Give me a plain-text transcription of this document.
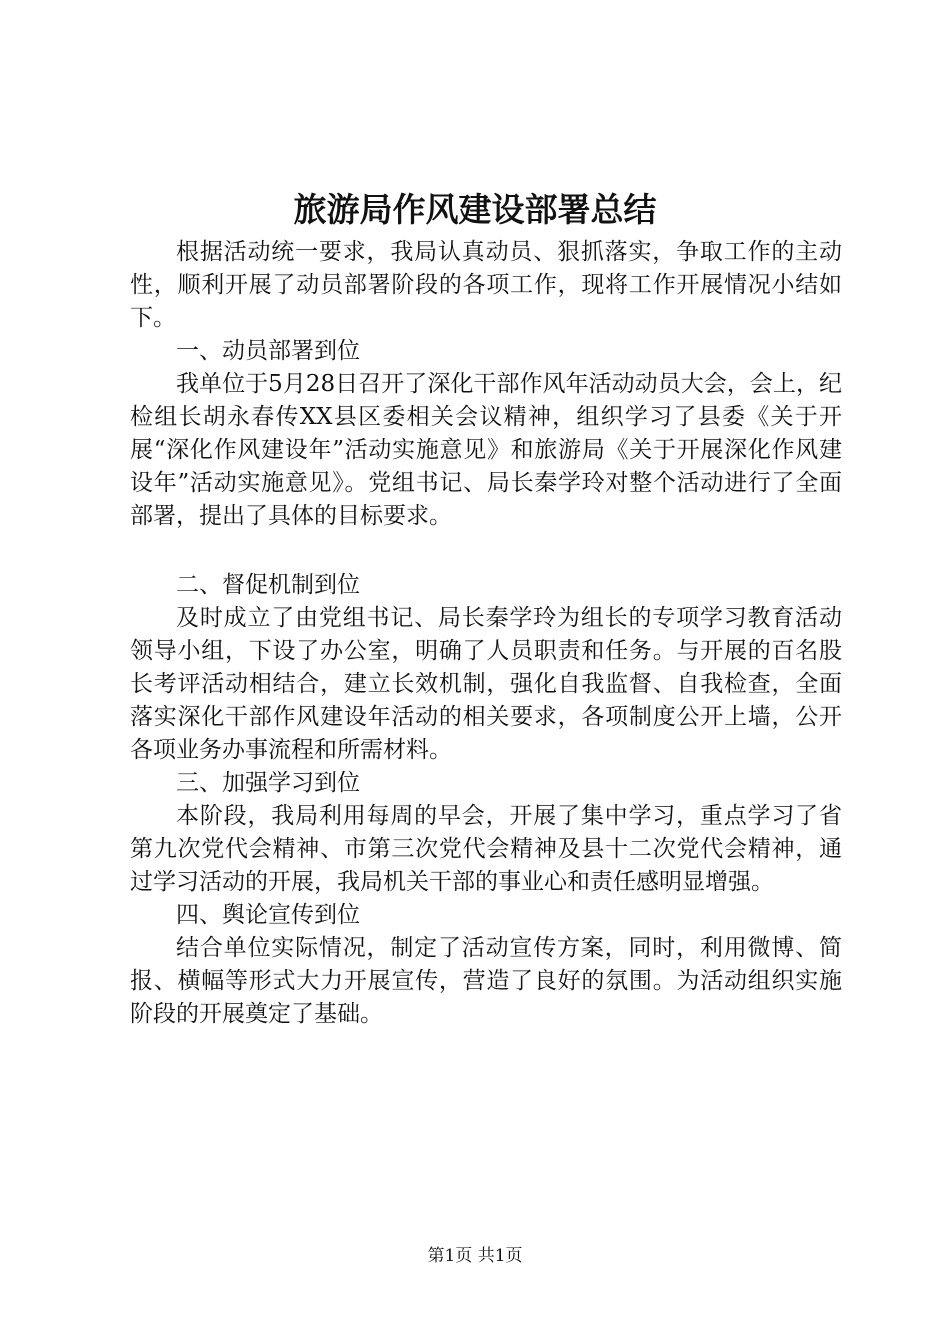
旅游局作风建设部署总结

根据活动统一要求，我局认真动员、狠抓落实，争取工作的主动性，顺利开展了动员部署阶段的各项工作，现将工作开展情况小结如下。

一、动员部署到位

我单位于5月28日召开了深化干部作风年活动动员大会，会上，纪检组长胡永春传XX县区委相关会议精神，组织学习了县委《关于开展“深化作风建设年”活动实施意见》和旅游局《关于开展深化作风建设年”活动实施意见》。党组书记、局长秦学玲对整个活动进行了全面部署，提出了具体的目标要求。

二、督促机制到位

及时成立了由党组书记、局长秦学玲为组长的专项学习教育活动领导小组，下设了办公室，明确了人员职责和任务。与开展的百名股长考评活动相结合，建立长效机制，强化自我监督、自我检查，全面落实深化干部作风建设年活动的相关要求，各项制度公开上墙，公开各项业务办事流程和所需材料。

三、加强学习到位

本阶段，我局利用每周的早会，开展了集中学习，重点学习了省第九次党代会精神、市第三次党代会精神及县十二次党代会精神，通过学习活动的开展，我局机关干部的事业心和责任感明显增强。

四、舆论宣传到位

结合单位实际情况，制定了活动宣传方案，同时，利用微博、简报、横幅等形式大力开展宣传，营造了良好的氛围。为活动组织实施阶段的开展奠定了基础。

第1页 共1页
